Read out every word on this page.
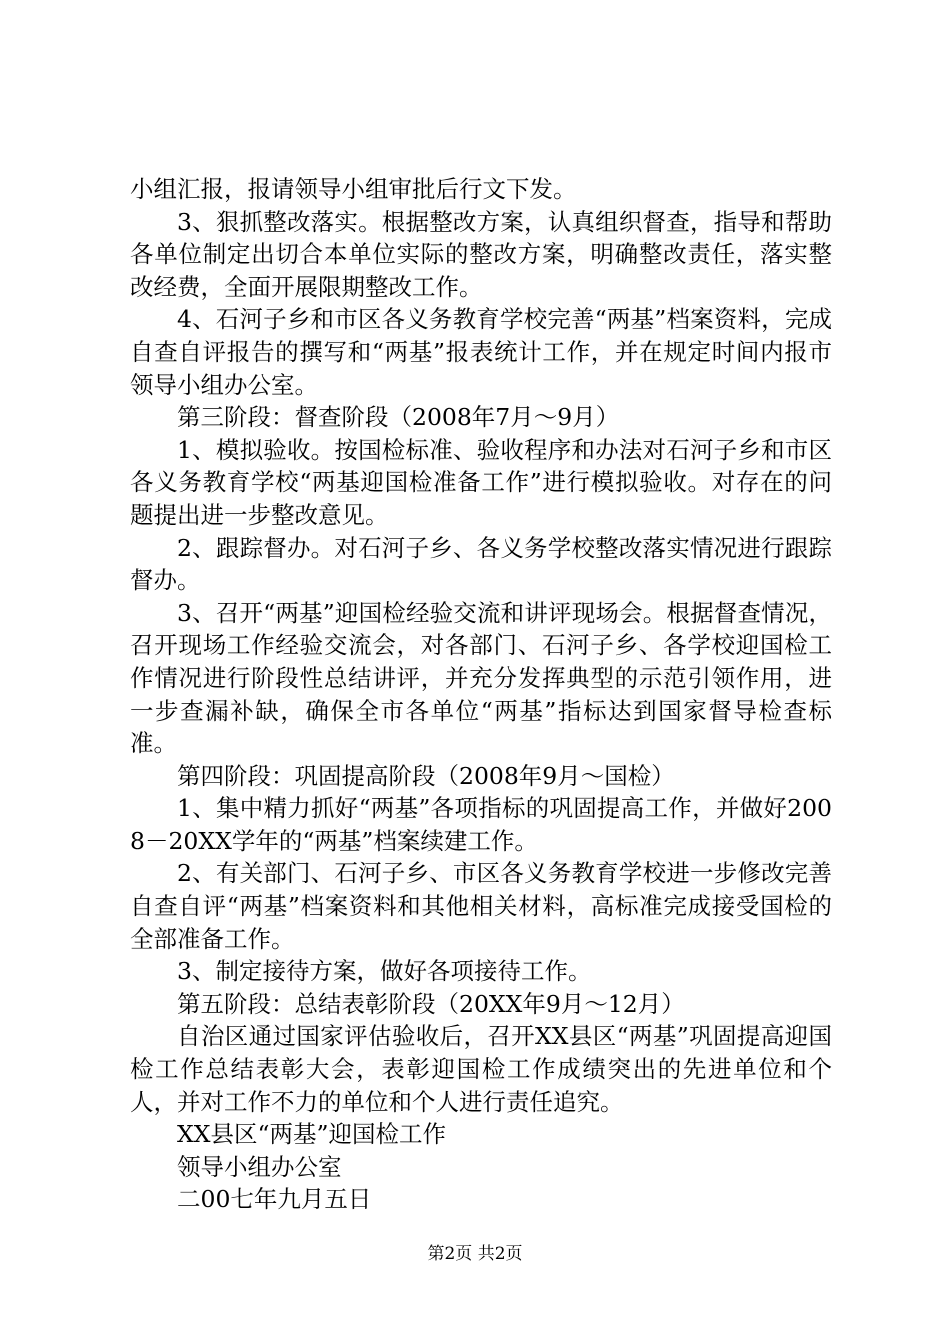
小组汇报，报请领导小组审批后行文下发。

3、狠抓整改落实。根据整改方案，认真组织督查，指导和帮助各单位制定出切合本单位实际的整改方案，明确整改责任，落实整改经费，全面开展限期整改工作。

4、石河子乡和市区各义务教育学校完善“两基”档案资料，完成自查自评报告的撰写和“两基”报表统计工作，并在规定时间内报市领导小组办公室。

第三阶段：督查阶段（2008年7月～9月）

1、模拟验收。按国检标准、验收程序和办法对石河子乡和市区各义务教育学校“两基迎国检准备工作”进行模拟验收。对存在的问题提出进一步整改意见。

2、跟踪督办。对石河子乡、各义务学校整改落实情况进行跟踪督办。

3、召开“两基”迎国检经验交流和讲评现场会。根据督查情况，召开现场工作经验交流会，对各部门、石河子乡、各学校迎国检工作情况进行阶段性总结讲评，并充分发挥典型的示范引领作用，进一步查漏补缺，确保全市各单位“两基”指标达到国家督导检查标准。

第四阶段：巩固提高阶段（2008年9月～国检）

1、集中精力抓好“两基”各项指标的巩固提高工作，并做好2008－20XX学年的“两基”档案续建工作。

2、有关部门、石河子乡、市区各义务教育学校进一步修改完善自查自评“两基”档案资料和其他相关材料，高标准完成接受国检的全部准备工作。

3、制定接待方案，做好各项接待工作。

第五阶段：总结表彰阶段（20XX年9月～12月）

自治区通过国家评估验收后，召开XX县区“两基”巩固提高迎国检工作总结表彰大会，表彰迎国检工作成绩突出的先进单位和个人，并对工作不力的单位和个人进行责任追究。

XX县区“两基”迎国检工作

领导小组办公室

二00七年九月五日

第2页 共2页
